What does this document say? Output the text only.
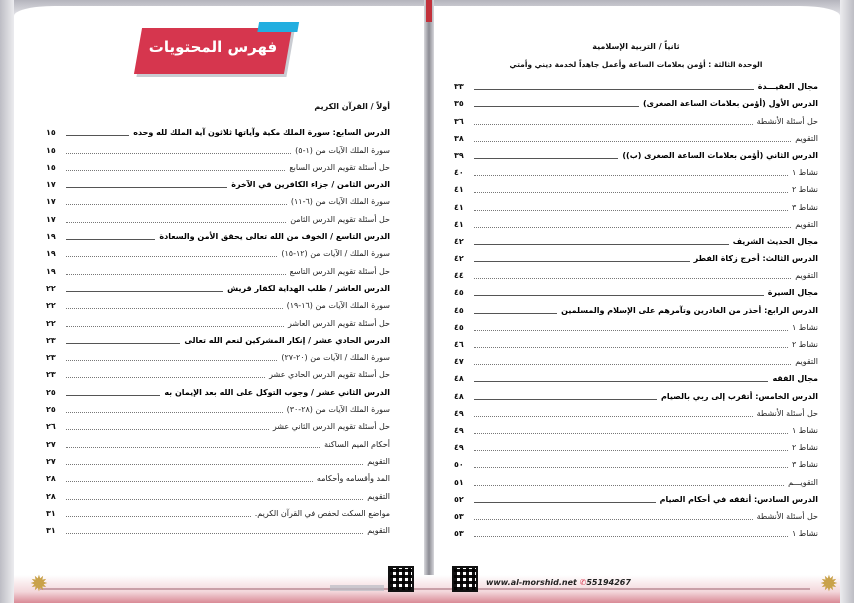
فهرس المحتويات
أولاً / القرآن الكريم
ثانياً / التربية الإسلامية
الوحدة الثالثة : أؤمن بعلامات الساعة وأعمل جاهداً لخدمة ديني وأمتي
الدرس السابع: سورة الملك مكية وآياتها ثلاثون آية الملك لله وحده
١٥
سورة الملك الآيات من (١-٥)
١٥
حل أسئلة تقويم الدرس السابع
١٥
الدرس الثامن / جزاء الكافرين في الآخرة
١٧
سورة الملك الآيات من (٦-١١)
١٧
حل أسئلة تقويم الدرس الثامن
١٧
الدرس التاسع / الخوف من الله تعالى يحقق الأمن والسعادة
١٩
سورة الملك / الآيات من (١٢-١٥)
١٩
حل أسئلة تقويم الدرس التاسع
١٩
الدرس العاشر / طلب الهداية لكفار قريش
٢٢
سورة الملك الآيات من (١٦-١٩)
٢٢
حل أسئلة تقويم الدرس العاشر
٢٢
الدرس الحادي عشر / إنكار المشركين لنعم الله تعالى
٢٣
سورة الملك / الآيات من (٢٠-٢٧)
٢٣
حل أسئلة تقويم الدرس الحادي عشر
٢٣
الدرس الثاني عشر / وجوب التوكل على الله بعد الإيمان به
٢٥
سورة الملك الآيات من (٢٨-٣٠)
٢٥
حل أسئلة تقويم الدرس الثاني عشر
٢٦
أحكام الميم الساكنة
٢٧
التقويم
٢٧
المد وأقسامه وأحكامه
٢٨
التقويم
٢٨
مواضع السكت لحفص في القرآن الكريم.
٣١
التقويم
٣١
مجال العقيـــدة
٣٣
الدرس الأول (أؤمن بعلامات الساعة الصغرى)
٣٥
حل أسئلة الأنشطة
٣٦
التقويم
٣٨
الدرس الثاني (أؤمن بعلامات الساعة الصغرى (ب))
٣٩
نشاط ١
٤٠
نشاط ٢
٤١
نشاط ٣
٤١
التقويم
٤١
مجال الحديث الشريف
٤٢
الدرس الثالث: أخرج زكاة الفطر
٤٢
التقويم
٤٤
مجال السيرة
٤٥
الدرس الرابع: أحذر من الغادرين وتآمرهم على الإسلام والمسلمين
٤٥
نشاط ١
٤٥
نشاط ٢
٤٦
التقويم
٤٧
مجال الفقه
٤٨
الدرس الخامس: أتقرب إلى ربي بالصيام
٤٨
حل أسئلة الأنشطة
٤٩
نشاط ١
٤٩
نشاط ٢
٤٩
نشاط ٣
٥٠
التقويـــم
٥١
الدرس السادس: أتفقه في أحكام الصيام
٥٢
حل أسئلة الأنشطة
٥٣
نشاط ١
٥٣
✹	✹
www.al-morshid.net ✆55194267
